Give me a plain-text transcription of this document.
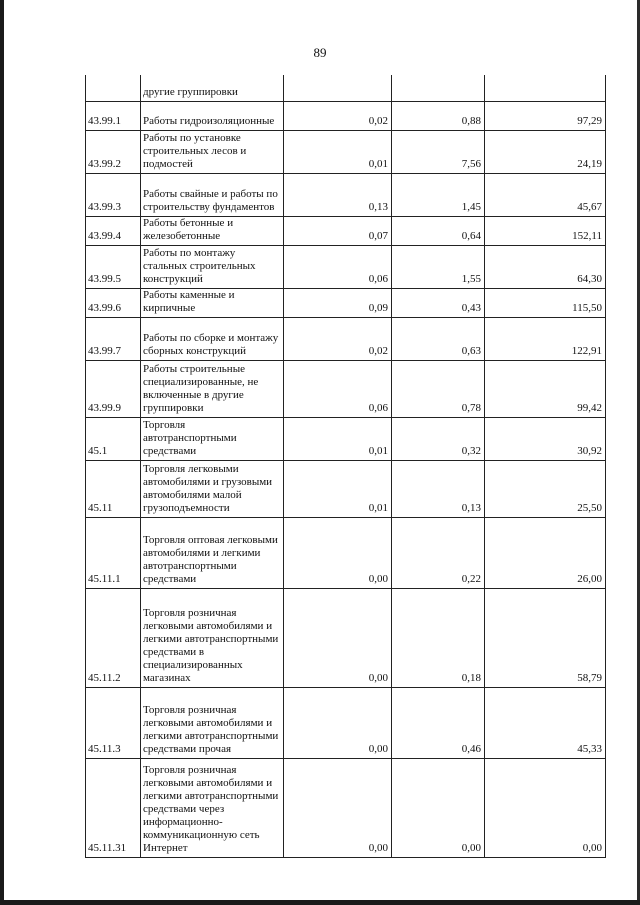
89
	другие группировки			
43.99.1	Работы гидроизоляционные	0,02	0,88	97,29
43.99.2	Работы по установке строительных лесов и подмостей	0,01	7,56	24,19
43.99.3	Работы свайные и работы по строительству фундаментов	0,13	1,45	45,67
43.99.4	Работы бетонные и железобетонные	0,07	0,64	152,11
43.99.5	Работы по монтажу стальных строительных конструкций	0,06	1,55	64,30
43.99.6	Работы каменные и кирпичные	0,09	0,43	115,50
43.99.7	Работы по сборке и монтажу сборных конструкций	0,02	0,63	122,91
43.99.9	Работы строительные специализированные, не включенные в другие группировки	0,06	0,78	99,42
45.1	Торговля автотранспортными средствами	0,01	0,32	30,92
45.11	Торговля легковыми автомобилями и грузовыми автомобилями малой грузоподъемности	0,01	0,13	25,50
45.11.1	Торговля оптовая легковыми автомобилями и легкими автотранспортными средствами	0,00	0,22	26,00
45.11.2	Торговля розничная легковыми автомобилями и легкими автотранспортными средствами в специализированных магазинах	0,00	0,18	58,79
45.11.3	Торговля розничная легковыми автомобилями и легкими автотранспортными средствами прочая	0,00	0,46	45,33
45.11.31	Торговля розничная легковыми автомобилями и легкими автотранспортными средствами через информационно-коммуникационную сеть Интернет	0,00	0,00	0,00
